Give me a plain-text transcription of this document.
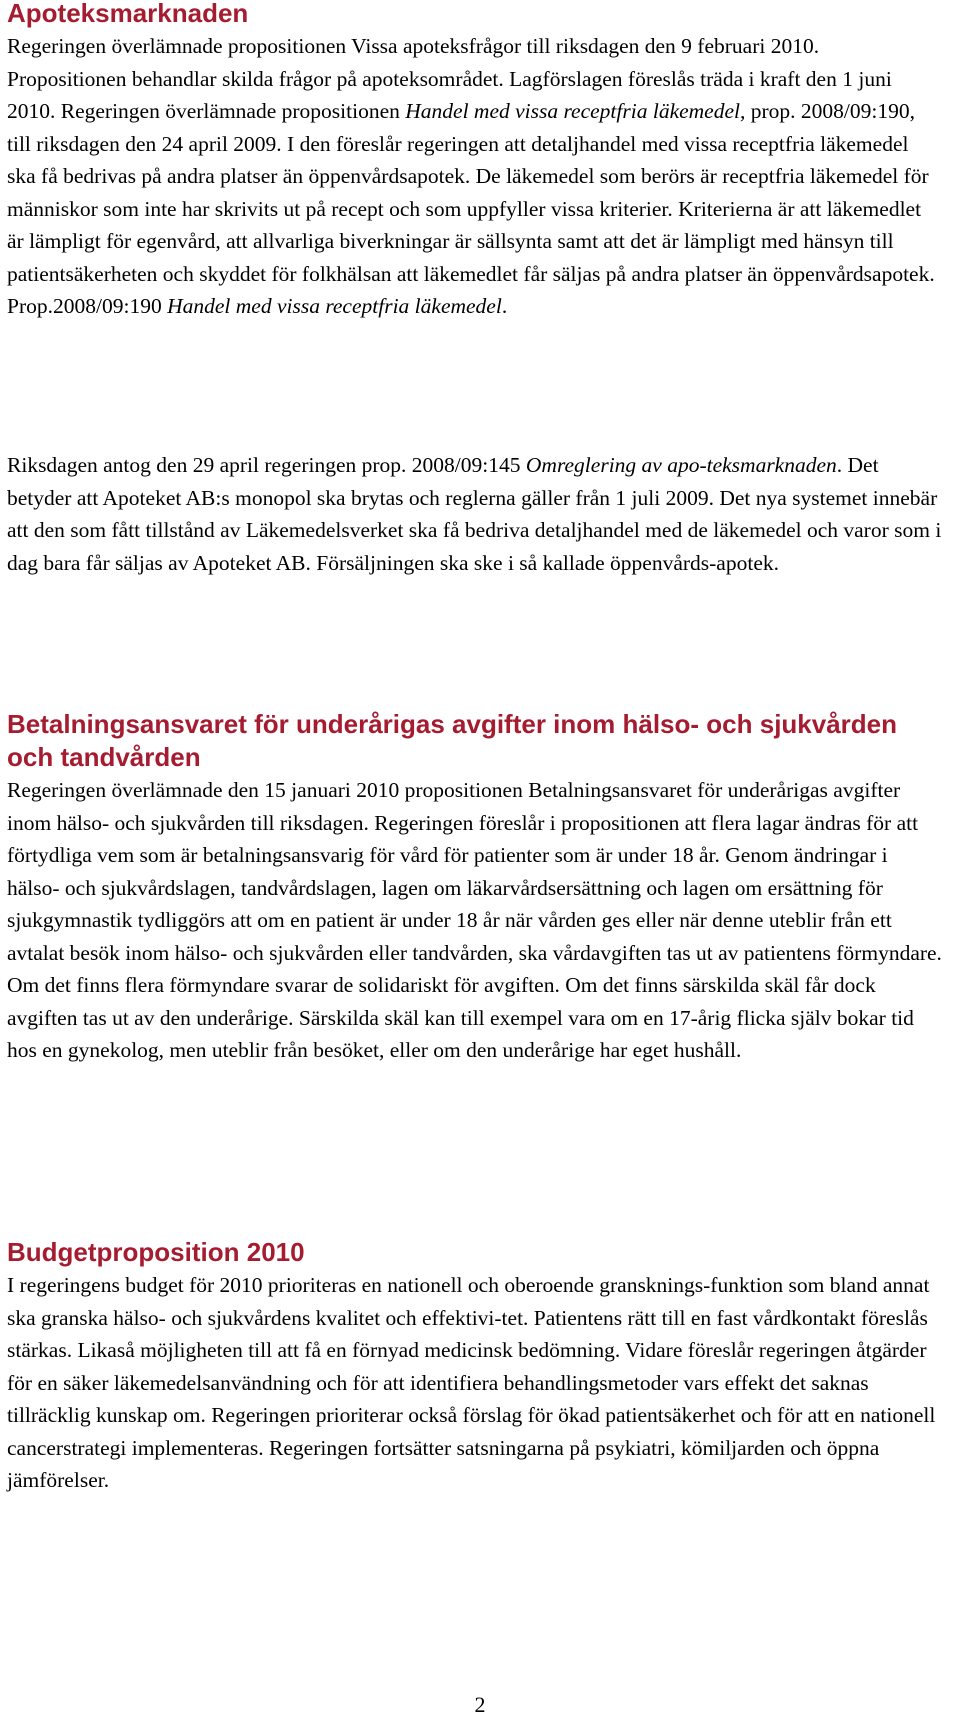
Apoteksmarknaden

Regeringen överlämnade propositionen Vissa apoteksfrågor till riksdagen den 9 februari 2010. Propositionen behandlar skilda frågor på apoteksområdet. Lagförslagen föreslås träda i kraft den 1 juni 2010. Regeringen överlämnade propositionen Handel med vissa receptfria läkemedel, prop. 2008/09:190, till riksdagen den 24 april 2009. I den föreslår regeringen att detaljhandel med vissa receptfria läkemedel ska få bedrivas på andra platser än öppenvårdsapotek. De läkemedel som berörs är receptfria läkemedel för människor som inte har skrivits ut på recept och som uppfyller vissa kriterier. Kriterierna är att läkemedlet är lämpligt för egenvård, att allvarliga biverkningar är sällsynta samt att det är lämpligt med hänsyn till patientsäkerheten och skyddet för folkhälsan att läkemedlet får säljas på andra platser än öppenvårdsapotek. Prop.2008/09:190 Handel med vissa receptfria läkemedel.

Riksdagen antog den 29 april regeringen prop. 2008/09:145 Omreglering av apo-teksmarknaden. Det betyder att Apoteket AB:s monopol ska brytas och reglerna gäller från 1 juli 2009. Det nya systemet innebär att den som fått tillstånd av Läkemedelsverket ska få bedriva detaljhandel med de läkemedel och varor som i dag bara får säljas av Apoteket AB. Försäljningen ska ske i så kallade öppenvårds-apotek.

Betalningsansvaret för underårigas avgifter inom hälso- och sjukvården och tandvården

Regeringen överlämnade den 15 januari 2010 propositionen Betalningsansvaret för underårigas avgifter inom hälso- och sjukvården till riksdagen. Regeringen föreslår i propositionen att flera lagar ändras för att förtydliga vem som är betalningsansvarig för vård för patienter som är under 18 år. Genom ändringar i hälso- och sjukvårdslagen, tandvårdslagen, lagen om läkarvårdsersättning och lagen om ersättning för sjukgymnastik tydliggörs att om en patient är under 18 år när vården ges eller när denne uteblir från ett avtalat besök inom hälso- och sjukvården eller tandvården, ska vårdavgiften tas ut av patientens förmyndare. Om det finns flera förmyndare svarar de solidariskt för avgiften. Om det finns särskilda skäl får dock avgiften tas ut av den underårige. Särskilda skäl kan till exempel vara om en 17-årig flicka själv bokar tid hos en gynekolog, men uteblir från besöket, eller om den underårige har eget hushåll.

Budgetproposition 2010

I regeringens budget för 2010 prioriteras en nationell och oberoende gransknings-funktion som bland annat ska granska hälso- och sjukvårdens kvalitet och effektivi-tet. Patientens rätt till en fast vårdkontakt föreslås stärkas. Likaså möjligheten till att få en förnyad medicinsk bedömning. Vidare föreslår regeringen åtgärder för en säker läkemedelsanvändning och för att identifiera behandlingsmetoder vars effekt det saknas tillräcklig kunskap om. Regeringen prioriterar också förslag för ökad patientsäkerhet och för att en nationell cancerstrategi implementeras. Regeringen fortsätter satsningarna på psykiatri, kömiljarden och öppna jämförelser.

2
